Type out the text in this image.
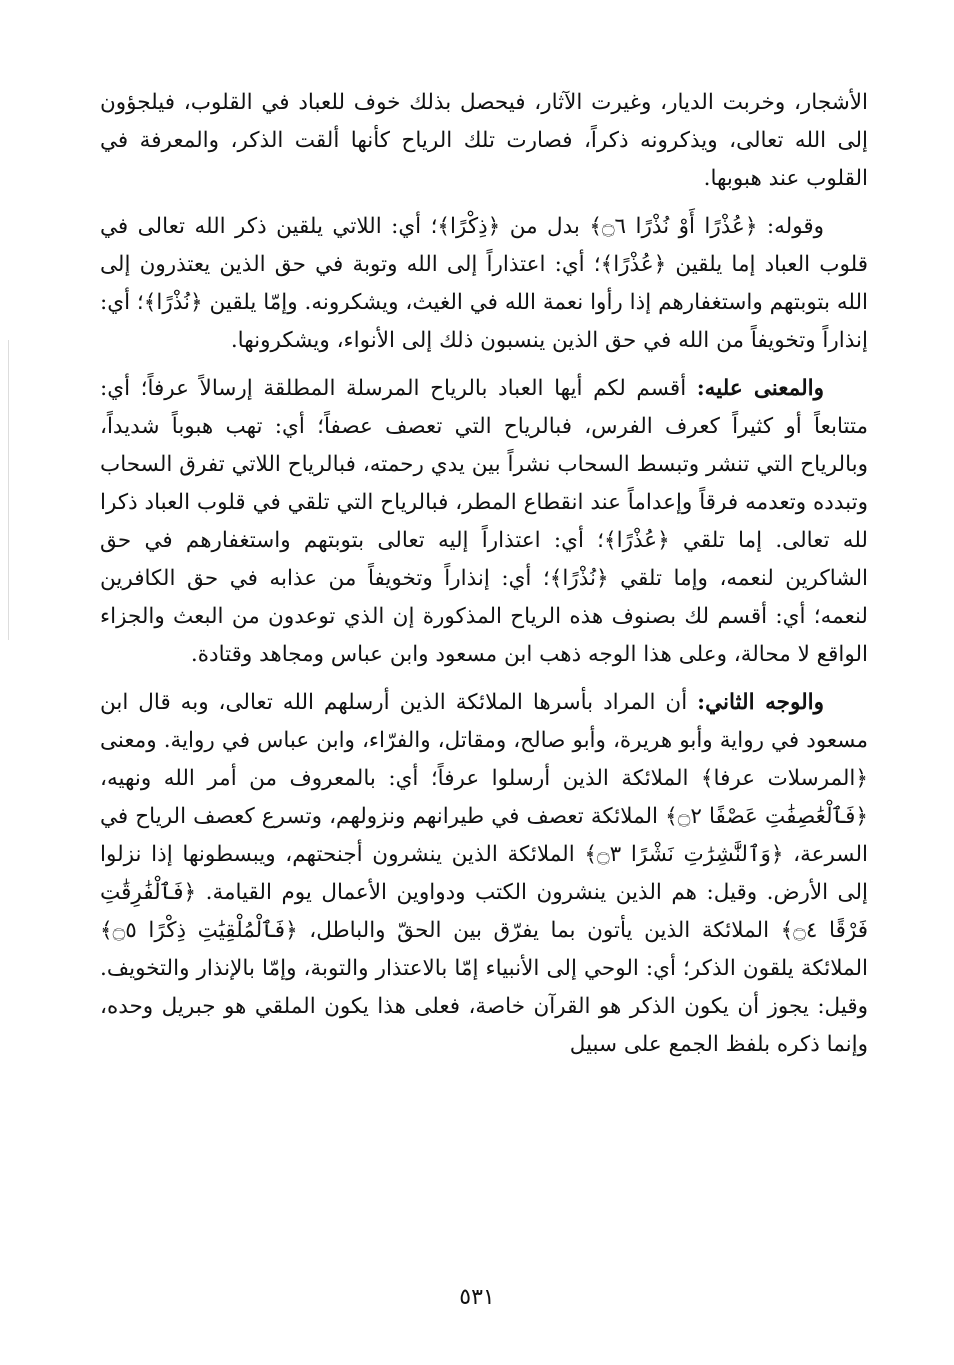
الأشجار، وخربت الديار، وغيرت الآثار، فيحصل بذلك خوف للعباد في القلوب، فيلجؤون إلى الله تعالى، ويذكرونه ذكراً، فصارت تلك الرياح كأنها ألقت الذكر، والمعرفة في القلوب عند هبوبها.

وقوله: ﴿عُذْرًا أَوْ نُذْرًا ۝٦﴾ بدل من ﴿ذِكْرًا﴾؛ أي: اللاتي يلقين ذكر الله تعالى في قلوب العباد إما يلقين ﴿عُذْرًا﴾؛ أي: اعتذاراً إلى الله وتوبة في حق الذين يعتذرون إلى الله بتوبتهم واستغفارهم إذا رأوا نعمة الله في الغيث، ويشكرونه. وإمّا يلقين ﴿نُذْرًا﴾؛ أي: إنذاراً وتخويفاً من الله في حق الذين ينسبون ذلك إلى الأنواء، ويشكرونها.

والمعنى عليه: أقسم لكم أيها العباد بالرياح المرسلة المطلقة إرسالاً عرفاً؛ أي: متتابعاً أو كثيراً كعرف الفرس، فبالرياح التي تعصف عصفاً؛ أي: تهب هبوباً شديداً، وبالرياح التي تنشر وتبسط السحاب نشراً بين يدي رحمته، فبالرياح اللاتي تفرق السحاب وتبدده وتعدمه فرقاً وإعداماً عند انقطاع المطر، فبالرياح التي تلقي في قلوب العباد ذكرا لله تعالى. إما تلقي ﴿عُذْرًا﴾؛ أي: اعتذاراً إليه تعالى بتوبتهم واستغفارهم في حق الشاكرين لنعمه، وإما تلقي ﴿نُذْرًا﴾؛ أي: إنذاراً وتخويفاً من عذابه في حق الكافرين لنعمه؛ أي: أقسم لك بصنوف هذه الرياح المذكورة إن الذي توعدون من البعث والجزاء الواقع لا محالة، وعلى هذا الوجه ذهب ابن مسعود وابن عباس ومجاهد وقتادة.

والوجه الثاني: أن المراد بأسرها الملائكة الذين أرسلهم الله تعالى، وبه قال ابن مسعود في رواية وأبو هريرة، وأبو صالح، ومقاتل، والفرّاء، وابن عباس في رواية. ومعنى ﴿المرسلات عرفا﴾ الملائكة الذين أرسلوا عرفاً؛ أي: بالمعروف من أمر الله ونهيه، ﴿فَٱلْعَٰصِفَٰتِ عَصْفًا ۝٢﴾ الملائكة تعصف في طيرانهم ونزولهم، وتسرع كعصف الرياح في السرعة، ﴿وَٱلنَّٰشِرَٰتِ نَشْرًا ۝٣﴾ الملائكة الذين ينشرون أجنحتهم، ويبسطونها إذا نزلوا إلى الأرض. وقيل: هم الذين ينشرون الكتب ودواوين الأعمال يوم القيامة. ﴿فَٱلْفَٰرِقَٰتِ فَرْقًا ۝٤﴾ الملائكة الذين يأتون بما يفرّق بين الحقّ والباطل، ﴿فَٱلْمُلْقِيَٰتِ ذِكْرًا ۝٥﴾ الملائكة يلقون الذكر؛ أي: الوحي إلى الأنبياء إمّا بالاعتذار والتوبة، وإمّا بالإنذار والتخويف. وقيل: يجوز أن يكون الذكر هو القرآن خاصة، فعلى هذا يكون الملقي هو جبريل وحده، وإنما ذكره بلفظ الجمع على سبيل

٥٣١
